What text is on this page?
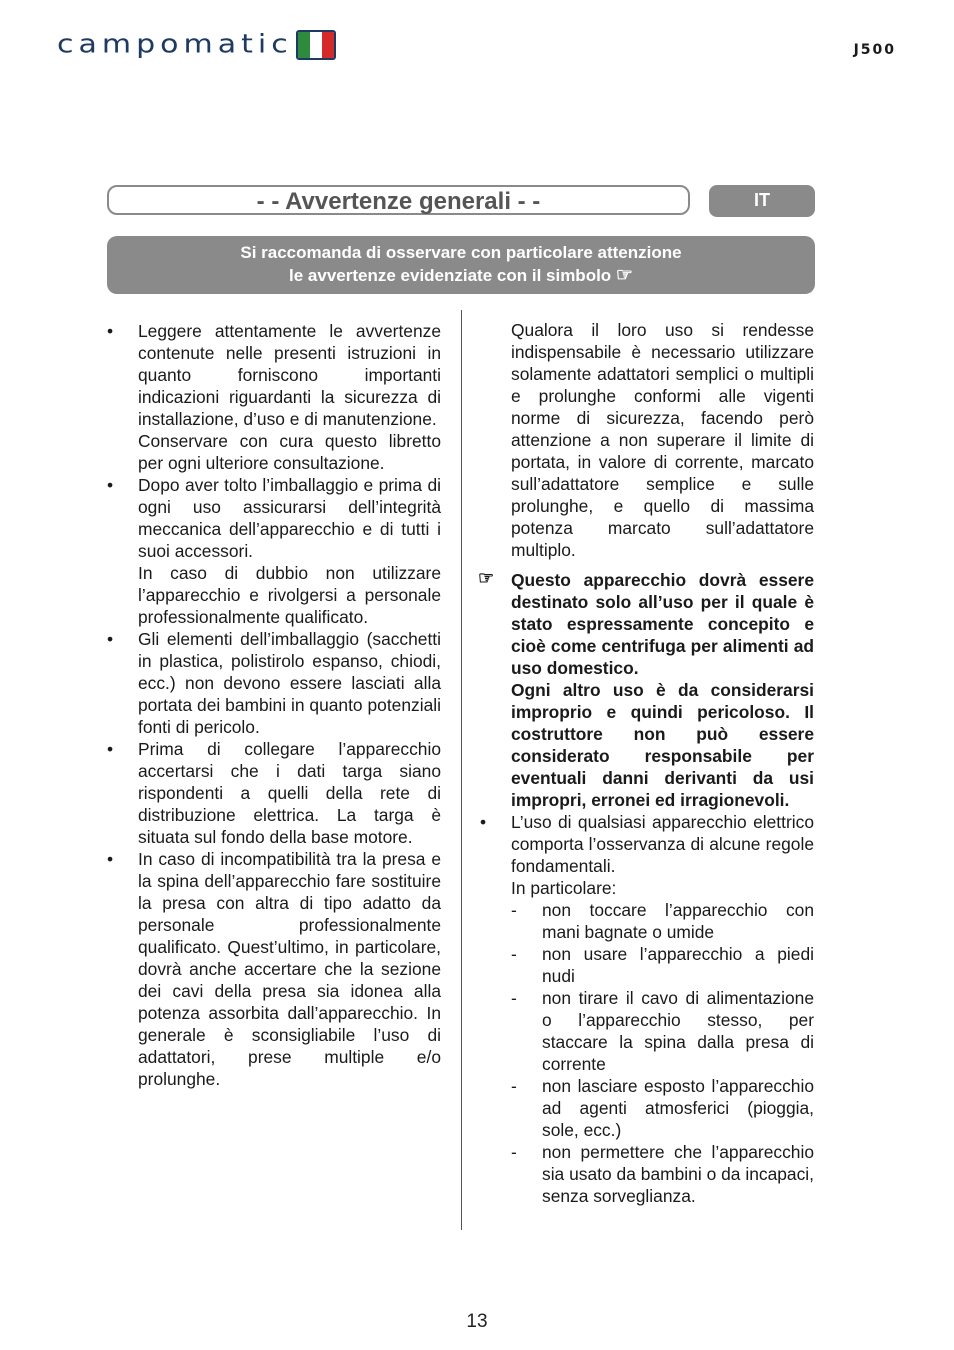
campomatic	J500
- - Avvertenze generali - -	IT
Si raccomanda di osservare con particolare attenzione
le avvertenze evidenziate con il simbolo ☞

• Leggere attentamente le avvertenze contenute nelle presenti istruzioni in quanto forniscono importanti indicazioni riguardanti la sicurezza di installazione, d’uso e di manutenzione.

Conservare con cura questo libretto per ogni ulteriore consultazione.

• Dopo aver tolto l’imballaggio e prima di ogni uso assicurarsi dell’integrità meccanica dell’apparecchio e di tutti i suoi accessori.

In caso di dubbio non utilizzare l’apparecchio e rivolgersi a personale professionalmente qualificato.

• Gli elementi dell’imballaggio (sacchetti in plastica, polistirolo espanso, chiodi, ecc.) non devono essere lasciati alla portata dei bambini in quanto potenziali fonti di pericolo.

• Prima di collegare l’apparecchio accertarsi che i dati targa siano rispondenti a quelli della rete di distribuzione elettrica. La targa è situata sul fondo della base motore.

• In caso di incompatibilità tra la presa e la spina dell’apparecchio fare sostituire la presa con altra di tipo adatto da personale professionalmente qualificato. Quest’ultimo, in particolare, dovrà anche accertare che la sezione dei cavi della presa sia idonea alla potenza assorbita dall’apparecchio. In generale è sconsigliabile l’uso di adattatori, prese multiple e/o prolunghe.

Qualora il loro uso si rendesse indispensabile è necessario utilizzare solamente adattatori semplici o multipli e prolunghe conformi alle vigenti norme di sicurezza, facendo però attenzione a non superare il limite di portata, in valore di corrente, marcato sull’adattatore semplice e sulle prolunghe, e quello di massima potenza marcato sull’adattatore multiplo.

☞ Questo apparecchio dovrà essere destinato solo all’uso per il quale è stato espressamente concepito e cioè come centrifuga per alimenti ad uso domestico.

Ogni altro uso è da considerarsi improprio e quindi pericoloso. Il costruttore non può essere considerato responsabile per eventuali danni derivanti da usi impropri, erronei ed irragionevoli.

• L’uso di qualsiasi apparecchio elettrico comporta l’osservanza di alcune regole fondamentali.

In particolare:

- non toccare l’apparecchio con mani bagnate o umide

- non usare l’apparecchio a piedi nudi

- non tirare il cavo di alimentazione o l’apparecchio stesso, per staccare la spina dalla presa di corrente

- non lasciare esposto l’apparecchio ad agenti atmosferici (pioggia, sole, ecc.)

- non permettere che l’apparecchio sia usato da bambini o da incapaci, senza sorveglianza.

13
